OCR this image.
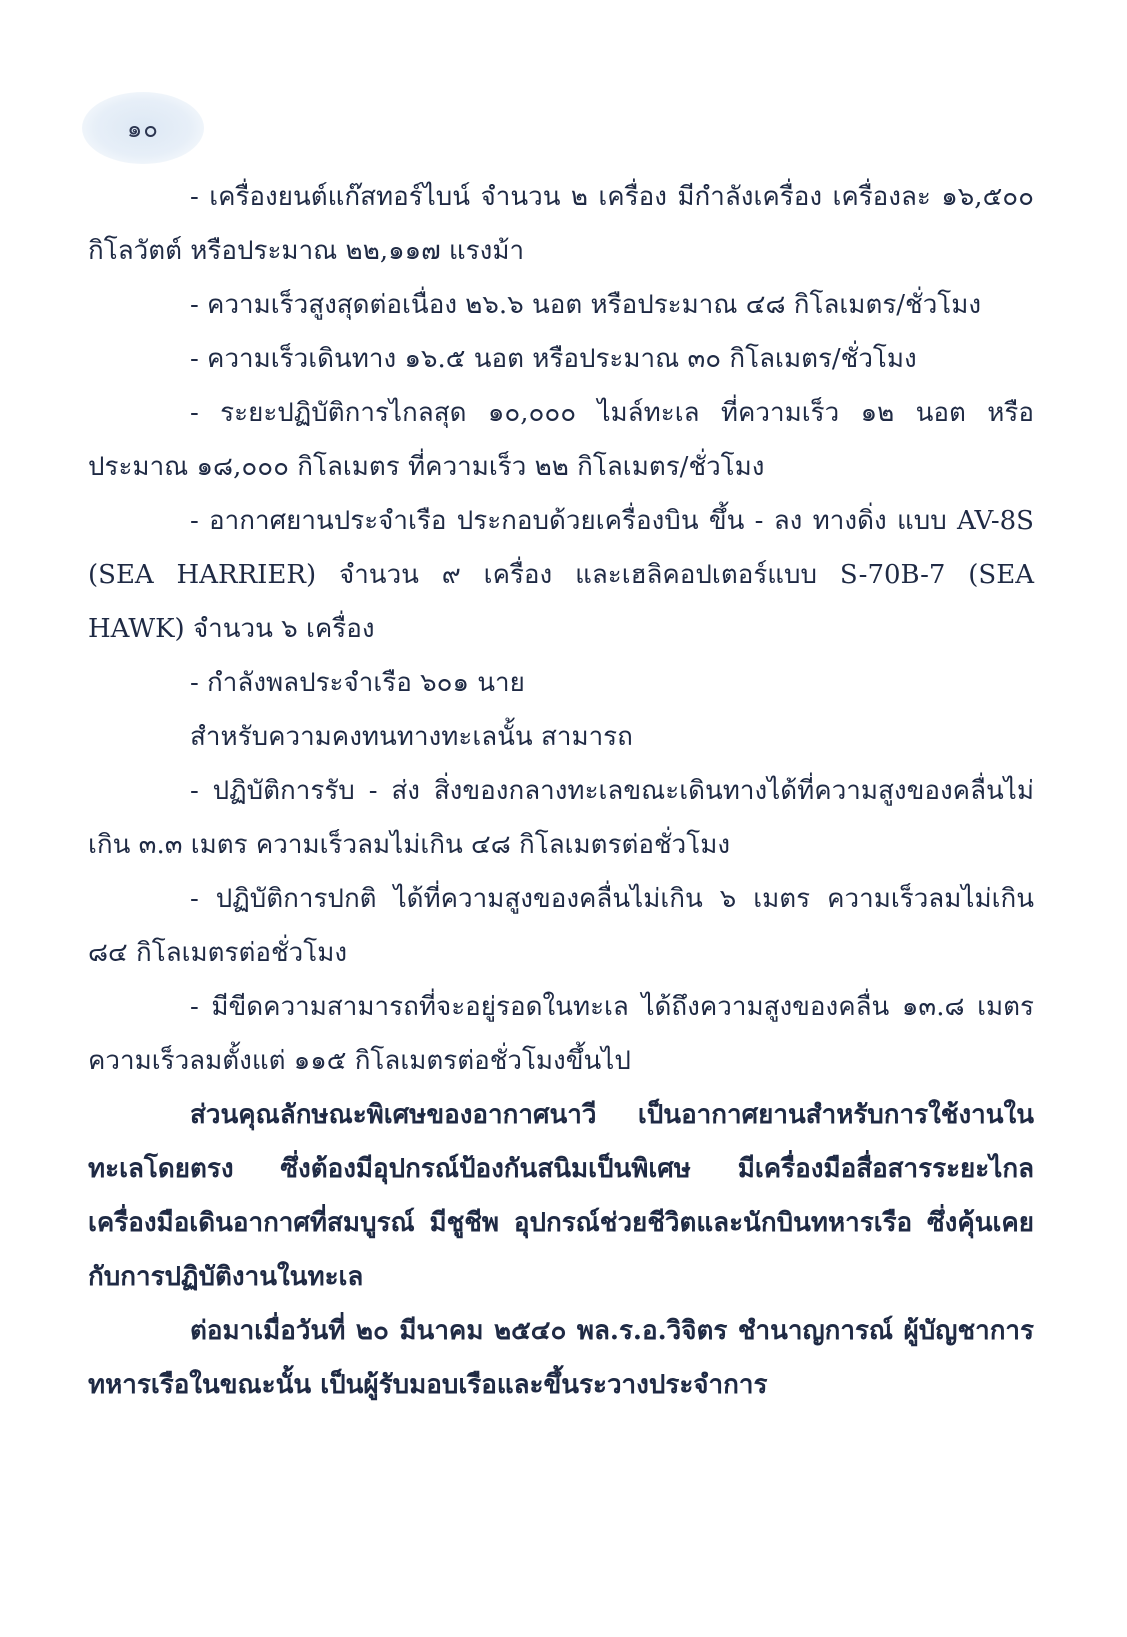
๑๐

- เครื่องยนต์แก๊สทอร์ไบน์ จำนวน ๒ เครื่อง มีกำลังเครื่อง เครื่องละ ๑๖,๕๐๐ กิโลวัตต์ หรือประมาณ ๒๒,๑๑๗ แรงม้า

- ความเร็วสูงสุดต่อเนื่อง ๒๖.๖ นอต หรือประมาณ ๔๘ กิโลเมตร/ชั่วโมง

- ความเร็วเดินทาง ๑๖.๕ นอต หรือประมาณ ๓๐ กิโลเมตร/ชั่วโมง

- ระยะปฏิบัติการไกลสุด ๑๐,๐๐๐ ไมล์ทะเล ที่ความเร็ว ๑๒ นอต หรือประมาณ ๑๘,๐๐๐ กิโลเมตร ที่ความเร็ว ๒๒ กิโลเมตร/ชั่วโมง

- อากาศยานประจำเรือ ประกอบด้วยเครื่องบิน ขึ้น - ลง ทางดิ่ง แบบ AV-8S (SEA HARRIER) จำนวน ๙ เครื่อง และเฮลิคอปเตอร์แบบ S-70B-7 (SEA HAWK) จำนวน ๖ เครื่อง

- กำลังพลประจำเรือ ๖๐๑ นาย

สำหรับความคงทนทางทะเลนั้น สามารถ

- ปฏิบัติการรับ - ส่ง สิ่งของกลางทะเลขณะเดินทางได้ที่ความสูงของคลื่นไม่เกิน ๓.๓ เมตร ความเร็วลมไม่เกิน ๔๘ กิโลเมตรต่อชั่วโมง

- ปฏิบัติการปกติ ได้ที่ความสูงของคลื่นไม่เกิน ๖ เมตร ความเร็วลมไม่เกิน ๘๔ กิโลเมตรต่อชั่วโมง

- มีขีดความสามารถที่จะอยู่รอดในทะเล ได้ถึงความสูงของคลื่น ๑๓.๘ เมตร ความเร็วลมตั้งแต่ ๑๑๕ กิโลเมตรต่อชั่วโมงขึ้นไป

ส่วนคุณลักษณะพิเศษของอากาศนาวี เป็นอากาศยานสำหรับการใช้งานในทะเลโดยตรง ซึ่งต้องมีอุปกรณ์ป้องกันสนิมเป็นพิเศษ มีเครื่องมือสื่อสารระยะไกล เครื่องมือเดินอากาศที่สมบูรณ์ มีชูชีพ อุปกรณ์ช่วยชีวิตและนักบินทหารเรือ ซึ่งคุ้นเคยกับการปฏิบัติงานในทะเล

ต่อมาเมื่อวันที่ ๒๐ มีนาคม ๒๕๔๐ พล.ร.อ.วิจิตร ชำนาญการณ์ ผู้บัญชาการทหารเรือในขณะนั้น เป็นผู้รับมอบเรือและขึ้นระวางประจำการ
